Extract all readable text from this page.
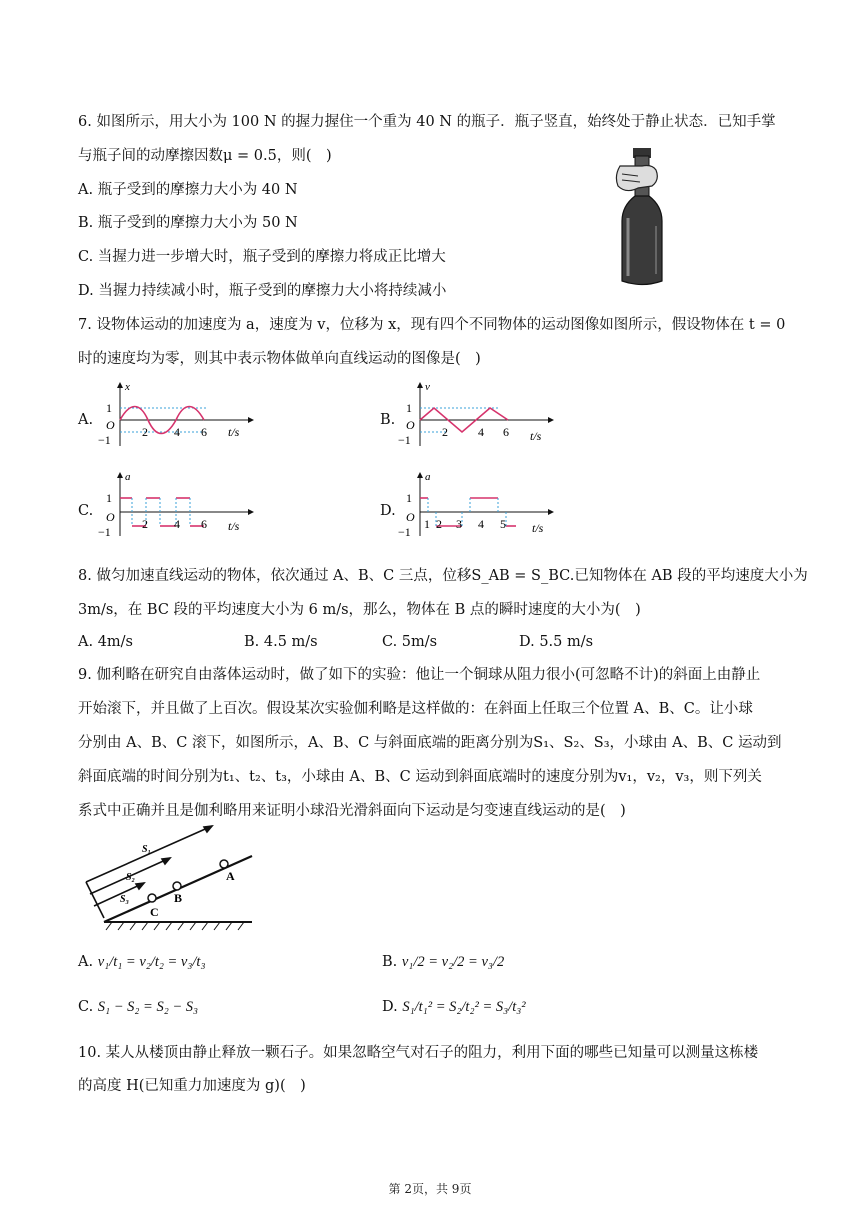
6. 如图所示，用大小为 100 N 的握力握住一个重为 40 N 的瓶子．瓶子竖直，始终处于静止状态．已知手掌
与瓶子间的动摩擦因数μ = 0.5，则(　)
A. 瓶子受到的摩擦力大小为 40 N
B. 瓶子受到的摩擦力大小为 50 N
C. 当握力进一步增大时，瓶子受到的摩擦力将成正比增大
D. 当握力持续减小时，瓶子受到的摩擦力大小将持续减小
7. 设物体运动的加速度为 a，速度为 v，位移为 x，现有四个不同物体的运动图像如图所示，假设物体在 t = 0
时的速度均为零，则其中表示物体做单向直线运动的图像是(　)
A.
x
1
O
−1
2 4 6 t/s
B.
v
1
O
−1
2	4 6 t/s
C.
a
1
O
−1
2 4 6 t/s
D.
a
1
O
−1
1 2 3 4 5 t/s
8. 做匀加速直线运动的物体，依次通过 A、B、C 三点，位移S_AB = S_BC.已知物体在 AB 段的平均速度大小为
3m/s，在 BC 段的平均速度大小为 6 m/s，那么，物体在 B 点的瞬时速度的大小为(　)
A. 4m/s	B. 4.5 m/s	C. 5m/s	D. 5.5 m/s
9. 伽利略在研究自由落体运动时，做了如下的实验：他让一个铜球从阻力很小(可忽略不计)的斜面上由静止
开始滚下，并且做了上百次。假设某次实验伽利略是这样做的：在斜面上任取三个位置 A、B、C。让小球
分别由 A、B、C 滚下，如图所示，A、B、C 与斜面底端的距离分别为S₁、S₂、S₃，小球由 A、B、C 运动到
斜面底端的时间分别为t₁、t₂、t₃，小球由 A、B、C 运动到斜面底端时的速度分别为v₁，v₂，v₃，则下列关
系式中正确并且是伽利略用来证明小球沿光滑斜面向下运动是匀变速直线运动的是(　)
S₁
S₂
S₃
A
B
C
A. v₁/t₁ = v₂/t₂ = v₃/t₃	B. v₁/2 = v₂/2 = v₃/2
C. S₁ − S₂ = S₂ − S₃	D. S₁/t₁² = S₂/t₂² = S₃/t₃²
10. 某人从楼顶由静止释放一颗石子。如果忽略空气对石子的阻力，利用下面的哪些已知量可以测量这栋楼
的高度 H(已知重力加速度为 g)(　)
第 2页，共 9页
